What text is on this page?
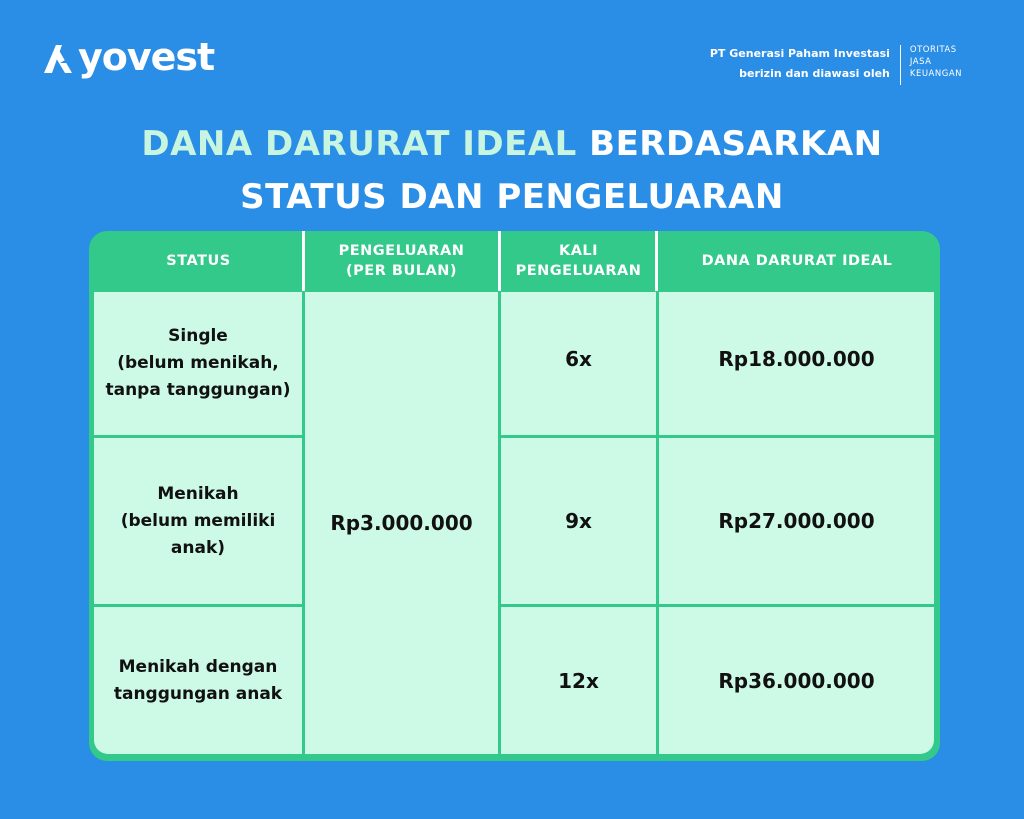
yovest	PT Generasi Paham Investasi
berizin dan diawasi oleh
OTORITAS
JASA
KEUANGAN
DANA DARURAT IDEAL BERDASARKAN
STATUS DAN PENGELUARAN
STATUS
PENGELUARAN
(PER BULAN)
KALI
PENGELUARAN
DANA DARURAT IDEAL
Single
(belum menikah,
tanpa tanggungan)
Menikah
(belum memiliki
anak)
Menikah dengan
tanggungan anak
Rp3.000.000
6x
9x
12x
Rp18.000.000
Rp27.000.000
Rp36.000.000
